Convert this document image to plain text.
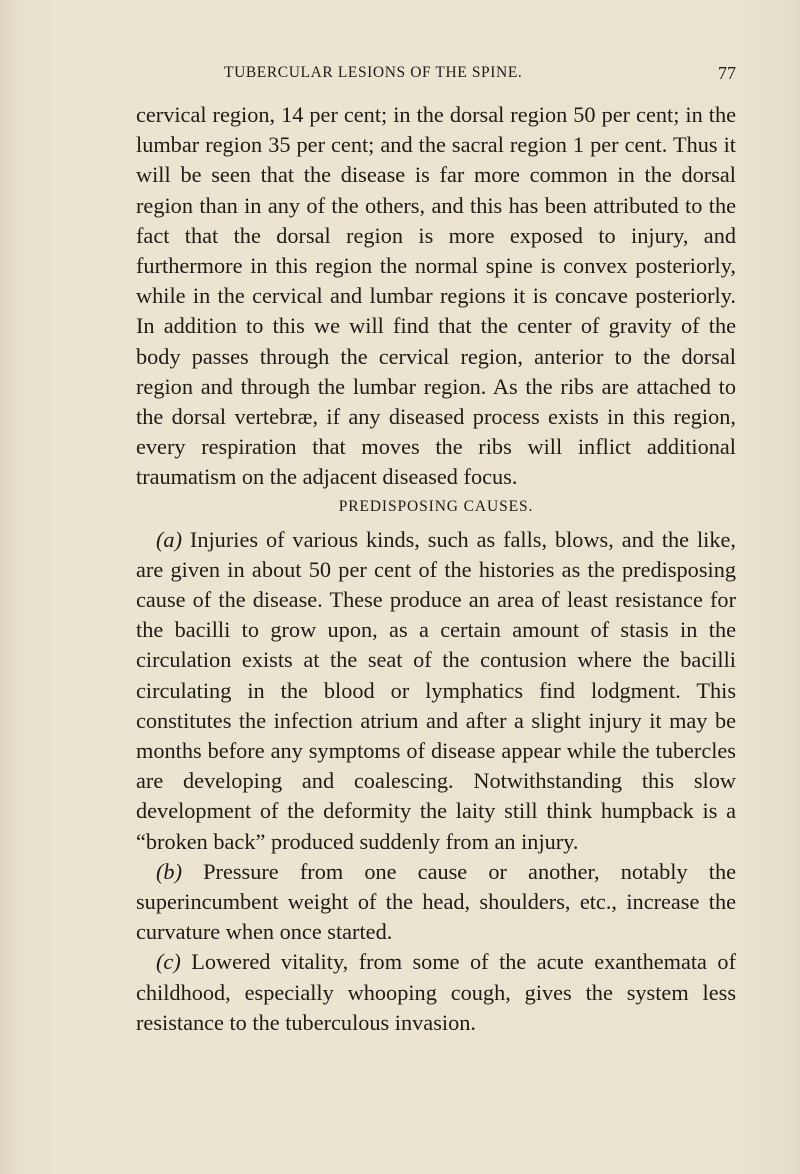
TUBERCULAR LESIONS OF THE SPINE.	77

cervical region, 14 per cent; in the dorsal region 50 per cent; in the lumbar region 35 per cent; and the sacral region 1 per cent. Thus it will be seen that the disease is far more common in the dorsal region than in any of the others, and this has been attributed to the fact that the dorsal region is more exposed to injury, and furthermore in this region the normal spine is convex posteriorly, while in the cervical and lumbar regions it is concave posteriorly. In addition to this we will find that the center of gravity of the body passes through the cervical region, anterior to the dorsal region and through the lumbar region. As the ribs are attached to the dorsal vertebræ, if any diseased process exists in this region, every respiration that moves the ribs will inflict additional traumatism on the adjacent diseased focus.

PREDISPOSING CAUSES.

(a) Injuries of various kinds, such as falls, blows, and the like, are given in about 50 per cent of the histories as the predisposing cause of the disease. These produce an area of least resistance for the bacilli to grow upon, as a certain amount of stasis in the circulation exists at the seat of the contusion where the bacilli circulating in the blood or lymphatics find lodgment. This constitutes the infection atrium and after a slight injury it may be months before any symptoms of disease appear while the tubercles are developing and coalescing. Notwithstanding this slow development of the deformity the laity still think humpback is a “broken back” produced suddenly from an injury.

(b) Pressure from one cause or another, notably the superincumbent weight of the head, shoulders, etc., increase the curvature when once started.

(c) Lowered vitality, from some of the acute exanthemata of childhood, especially whooping cough, gives the system less resistance to the tuberculous invasion.
